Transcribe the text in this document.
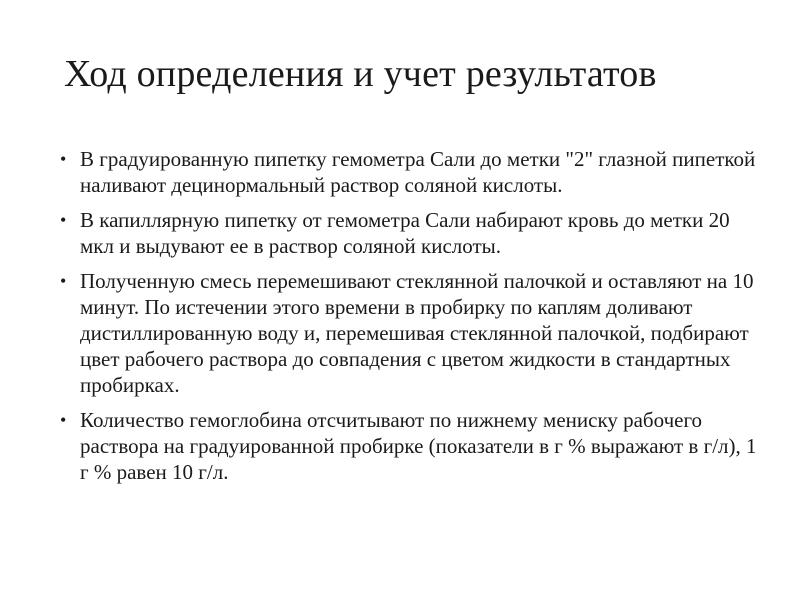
Ход определения и учет результатов
• В градуированную пипетку гемометра Сали до метки "2" глазной пипеткой наливают децинормальный раствор соляной кислоты.
• В капиллярную пипетку от гемометра Сали набирают кровь до метки 20 мкл и выдувают ее в раствор соляной кислоты.
• Полученную смесь перемешивают стеклянной палочкой и оставляют на 10 минут. По истечении этого времени в пробирку по каплям доливают дистиллированную воду и, перемешивая стеклянной палочкой, подбирают цвет рабочего раствора до совпадения с цветом жидкости в стандартных пробирках.
• Количество гемоглобина отсчитывают по нижнему мениску рабочего раствора на градуированной пробирке (показатели в г % выражают в г/л), 1 г % равен 10 г/л.
